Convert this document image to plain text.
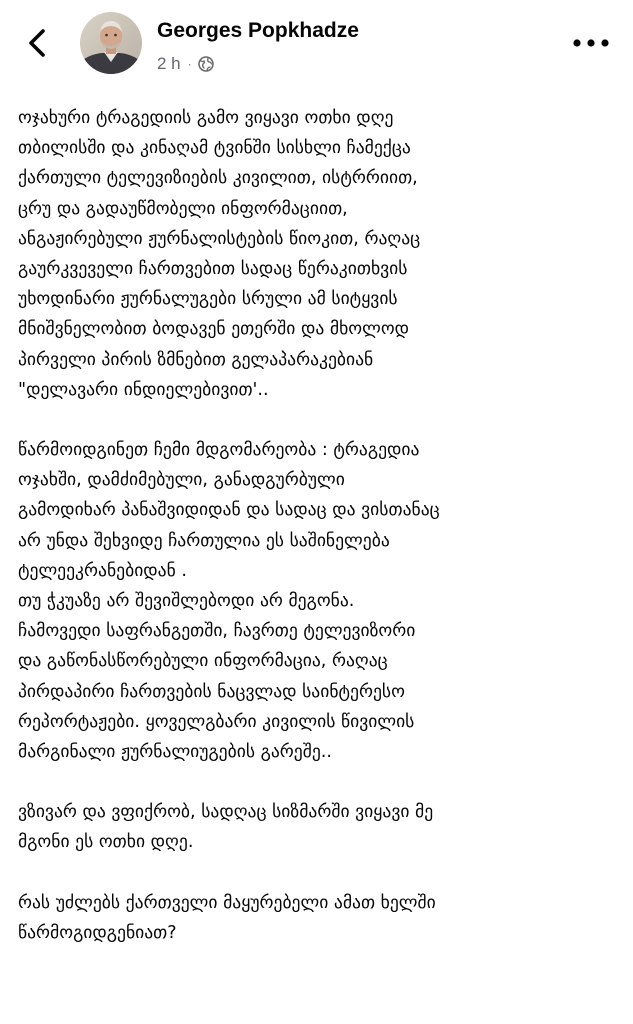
Georges Popkhadze
2 h ·

ოჯახური ტრაგედიის გამო ვიყავი ოთხი დღე
თბილისში და კინაღამ ტვინში სისხლი ჩამექცა
ქართული ტელევიზიების კივილით, ისტრრიით,
ცრუ და გადაუწმობელი ინფორმაციით,
ანგაჟირებული ჟურნალისტების წიოკით, რაღაც
გაურკვეველი ჩართვებით სადაც წერაკითხვის
უხოდინარი ჟურნალუგები სრული ამ სიტყვის
მნიშვნელობით ბოდავენ ეთერში და მხოლოდ
პირველი პირის ზმნებით გელაპარაკებიან
"დელავარი ინდიელებივით'..

წარმოიდგინეთ ჩემი მდგომარეობა : ტრაგედია
ოჯახში, დამძიმებული, განადგურბული
გამოდიხარ პანაშვიდიდან და სადაც და ვისთანაც
არ უნდა შეხვიდე ჩართულია ეს საშინელება
ტელეეკრანებიდან .
თუ ჭკუაზე არ შევიშლებოდი არ მეგონა.
ჩამოვედი საფრანგეთში, ჩავრთე ტელევიზორი
და გაწონასწორებული ინფორმაცია, რაღაც
პირდაპირი ჩართვების ნაცვლად საინტერესო
რეპორტაჟები. ყოველგბარი კივილის წივილის
მარგინალი ჟურნალიუგების გარეშე..

ვზივარ და ვფიქრობ, სადღაც სიზმარში ვიყავი მე
მგონი ეს ოთხი დღე.

რას უძლებს ქართველი მაყურებელი ამათ ხელში
წარმოგიდგენიათ?
